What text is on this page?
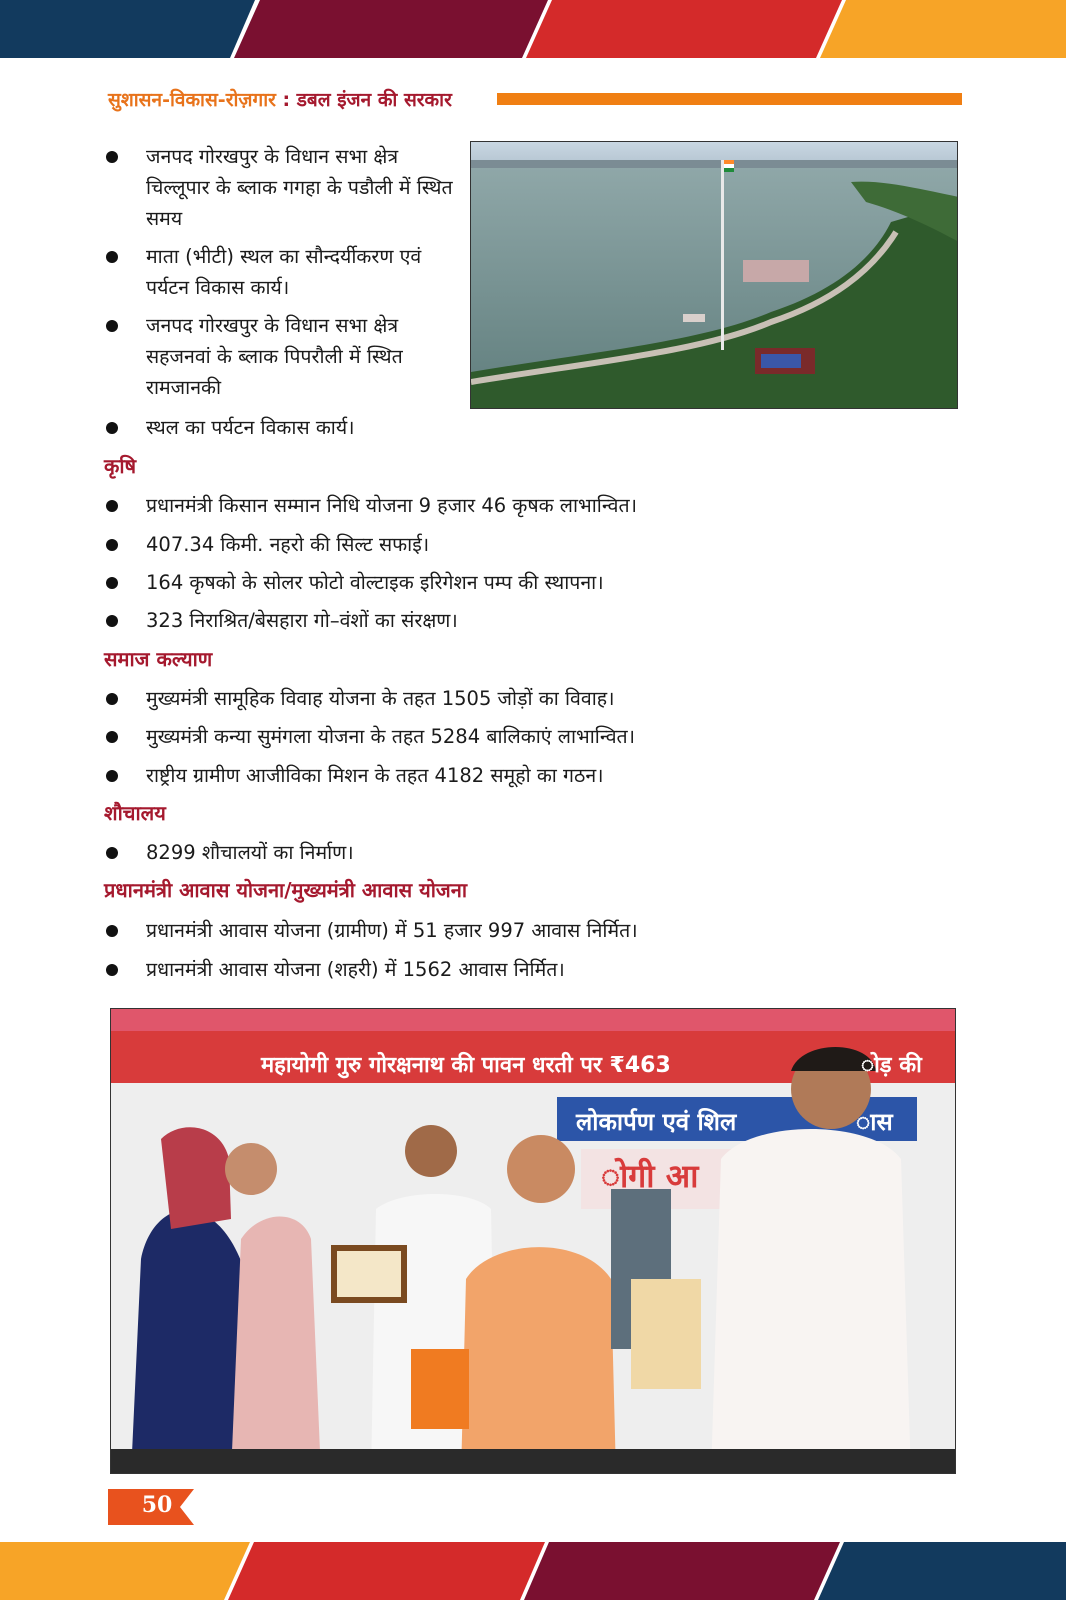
सुशासन-विकास-रोज़गार : डबल इंजन की सरकार
जनपद गोरखपुर के विधान सभा क्षेत्र चिल्लूपार के ब्लाक गगहा के पडौली में स्थित समय
माता (भीटी) स्थल का सौन्दर्यीकरण एवं पर्यटन विकास कार्य।
जनपद गोरखपुर के विधान सभा क्षेत्र सहजनवां के ब्लाक पिपरौली में स्थित रामजानकी
स्थल का पर्यटन विकास कार्य।
कृषि
प्रधानमंत्री किसान सम्मान निधि योजना 9 हजार 46 कृषक लाभान्वित।
407.34 किमी. नहरो की सिल्ट सफाई।
164 कृषको के सोलर फोटो वोल्टाइक इरिगेशन पम्प की स्थापना।
323 निराश्रित/बेसहारा गो–वंशों का संरक्षण।
समाज कल्याण
मुख्यमंत्री सामूहिक विवाह योजना के तहत 1505 जोड़ों का विवाह।
मुख्यमंत्री कन्या सुमंगला योजना के तहत 5284 बालिकाएं लाभान्वित।
राष्ट्रीय ग्रामीण आजीविका मिशन के तहत 4182 समूहो का गठन।
शौचालय
8299 शौचालयों का निर्माण।
प्रधानमंत्री आवास योजना/मुख्यमंत्री आवास योजना
प्रधानमंत्री आवास योजना (ग्रामीण) में 51 हजार 997 आवास निर्मित।
प्रधानमंत्री आवास योजना (शहरी) में 1562 आवास निर्मित।
महायोगी गुरु गोरक्षनाथ की पावन धरती पर ₹463	ोड़ की
लोकार्पण एवं शिल	ास
ोगी आ
50
